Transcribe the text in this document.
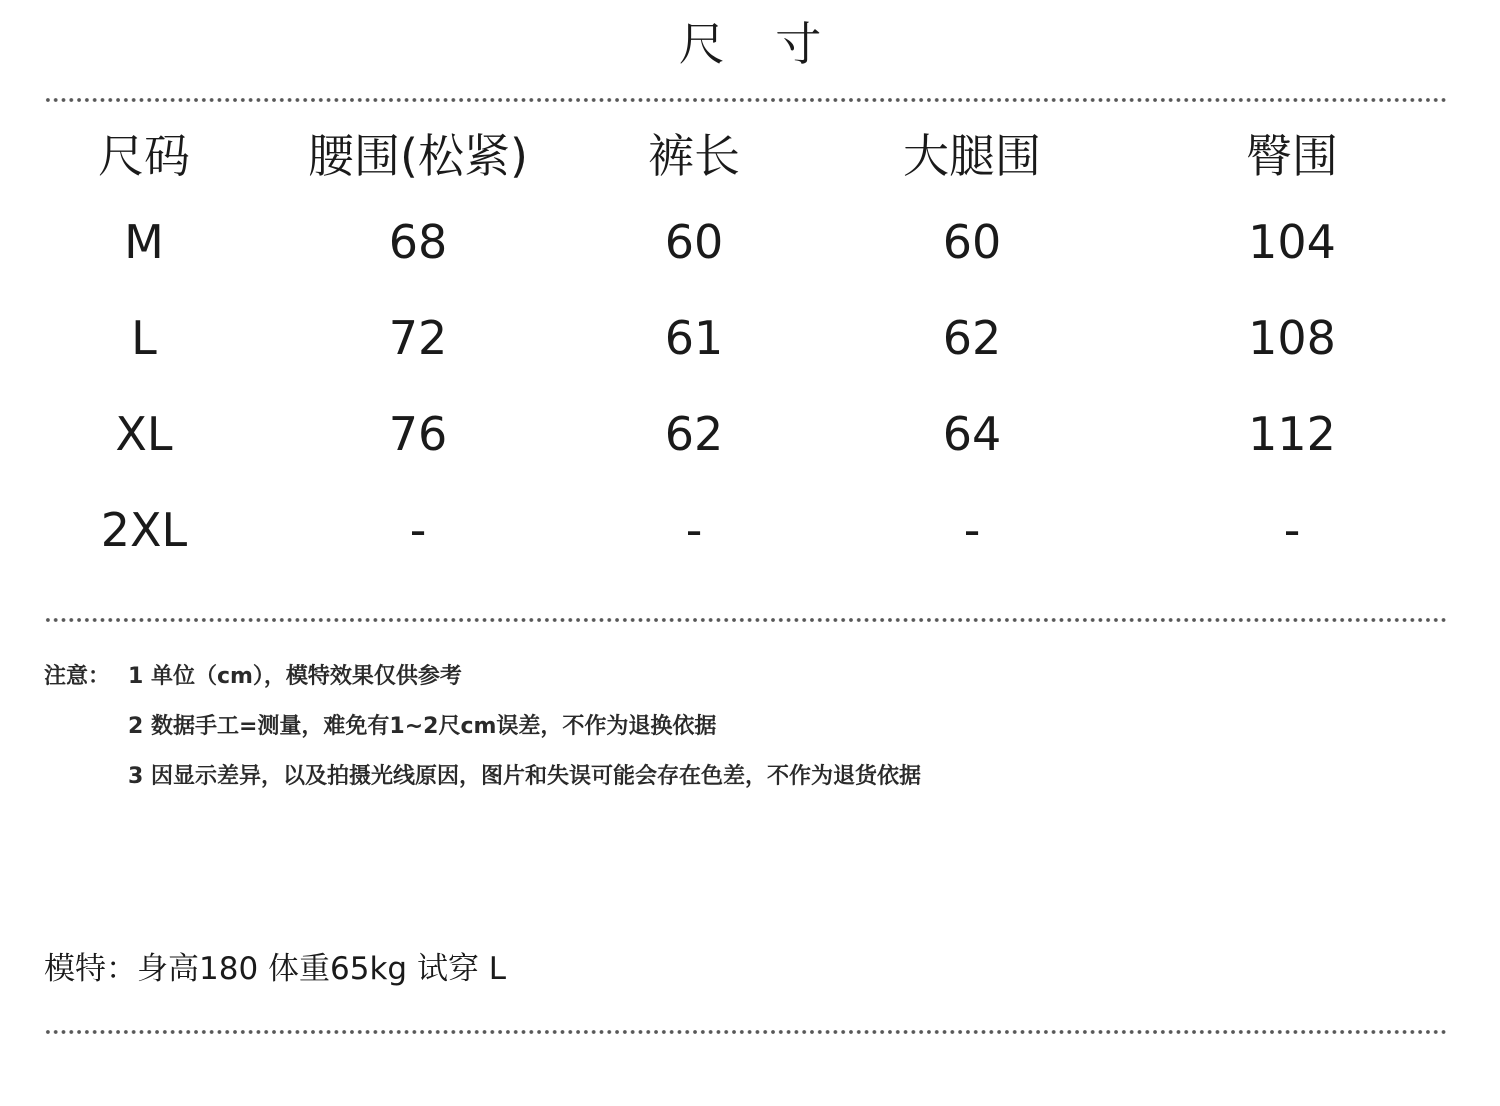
尺 寸
尺码	腰围(松紧)	裤长	大腿围	臀围
M	68	60	60	104
L	72	61	62	108
XL	76	62	64	112
2XL	-	-	-	-
注意： 1 单位（cm），模特效果仅供参考
2 数据手工=测量，难免有1~2尺cm误差，不作为退换依据
3 因显示差异，以及拍摄光线原因，图片和失误可能会存在色差，不作为退货依据
模特：身高180 体重65kg 试穿 L
